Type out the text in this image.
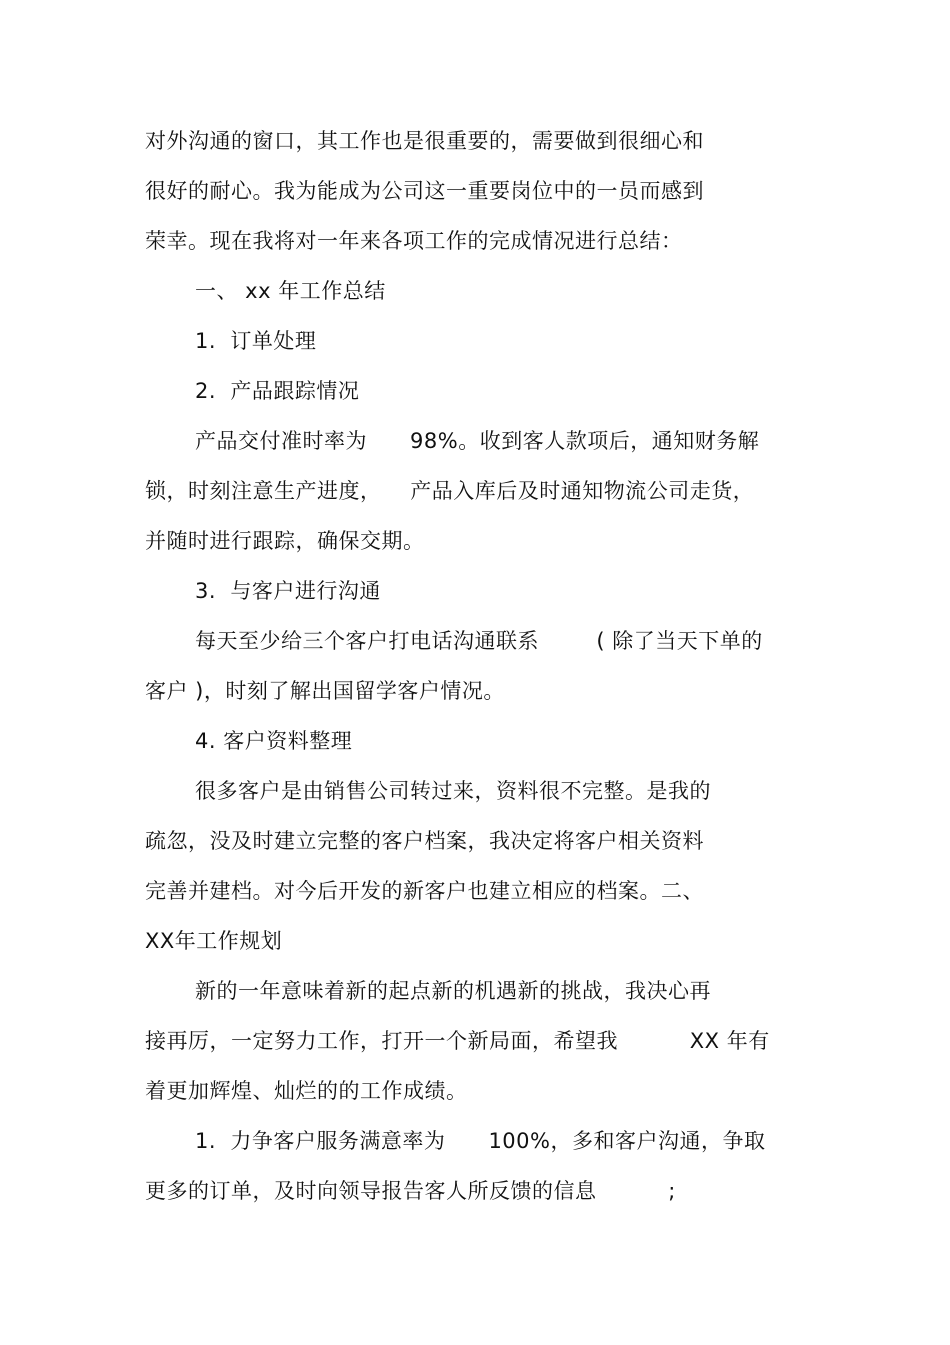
对外沟通的窗口，其工作也是很重要的，需要做到很细心和
很好的耐心。我为能成为公司这一重要岗位中的一员而感到
荣幸。现在我将对一年来各项工作的完成情况进行总结：
一、 xx 年工作总结
1.  订单处理
2.  产品跟踪情况
产品交付准时率为      98%。收到客人款项后，通知财务解
锁，时刻注意生产进度，    产品入库后及时通知物流公司走货，
并随时进行跟踪，确保交期。
3.  与客户进行沟通
每天至少给三个客户打电话沟通联系        ( 除了当天下单的
客户 )，时刻了解出国留学客户情况。
4. 客户资料整理
很多客户是由销售公司转过来，资料很不完整。是我的
疏忽，没及时建立完整的客户档案，我决定将客户相关资料
完善并建档。对今后开发的新客户也建立相应的档案。二、
XX年工作规划
新的一年意味着新的起点新的机遇新的挑战，我决心再
接再厉，一定努力工作，打开一个新局面，希望我          XX 年有
着更加辉煌、灿烂的的工作成绩。
1.  力争客户服务满意率为      100%，多和客户沟通，争取
更多的订单，及时向领导报告客人所反馈的信息          ;
